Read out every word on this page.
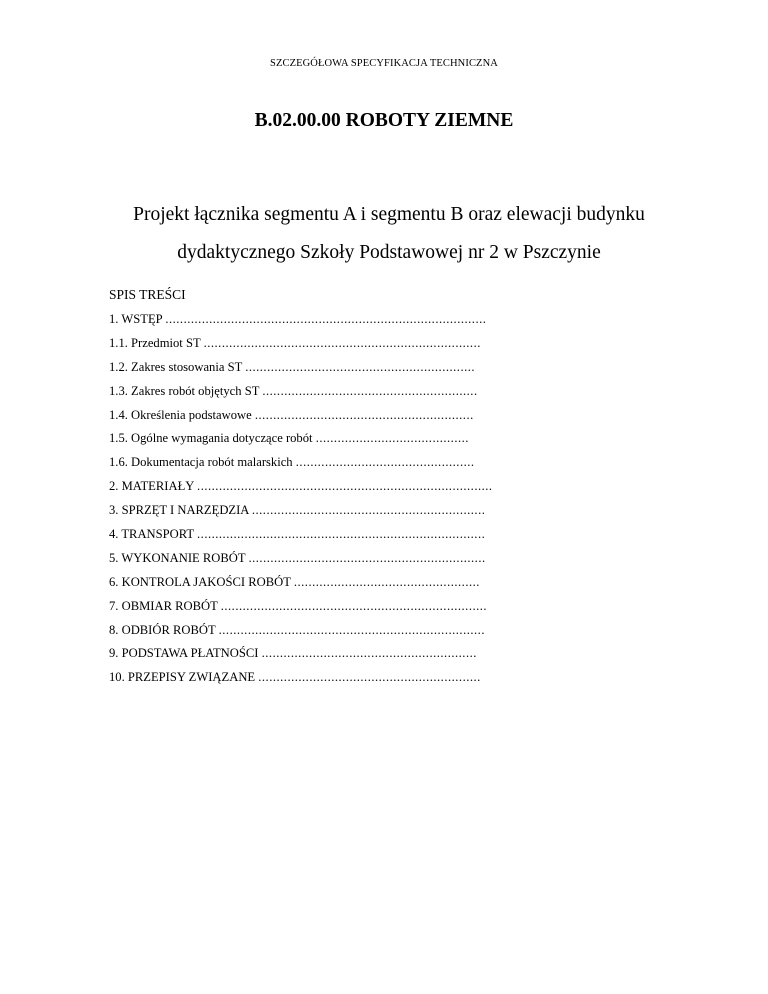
SZCZEGÓŁOWA SPECYFIKACJA TECHNICZNA
B.02.00.00 ROBOTY ZIEMNE
Projekt łącznika segmentu A i segmentu B oraz elewacji budynku
dydaktycznego Szkoły Podstawowej nr 2 w Pszczynie
SPIS TREŚCI
1. WSTĘP ........................................................................................
1.1. Przedmiot ST ............................................................................
1.2. Zakres stosowania ST ...............................................................
1.3. Zakres robót objętych ST ...........................................................
1.4. Określenia podstawowe ............................................................
1.5. Ogólne wymagania dotyczące robót ..........................................
1.6. Dokumentacja robót malarskich .................................................
2. MATERIAŁY .................................................................................
3. SPRZĘT I NARZĘDZIA ................................................................
4. TRANSPORT ...............................................................................
5. WYKONANIE ROBÓT .................................................................
6. KONTROLA JAKOŚCI ROBÓT ...................................................
7. OBMIAR ROBÓT .........................................................................
8. ODBIÓR ROBÓT .........................................................................
9. PODSTAWA PŁATNOŚCI ...........................................................
10. PRZEPISY ZWIĄZANE .............................................................
